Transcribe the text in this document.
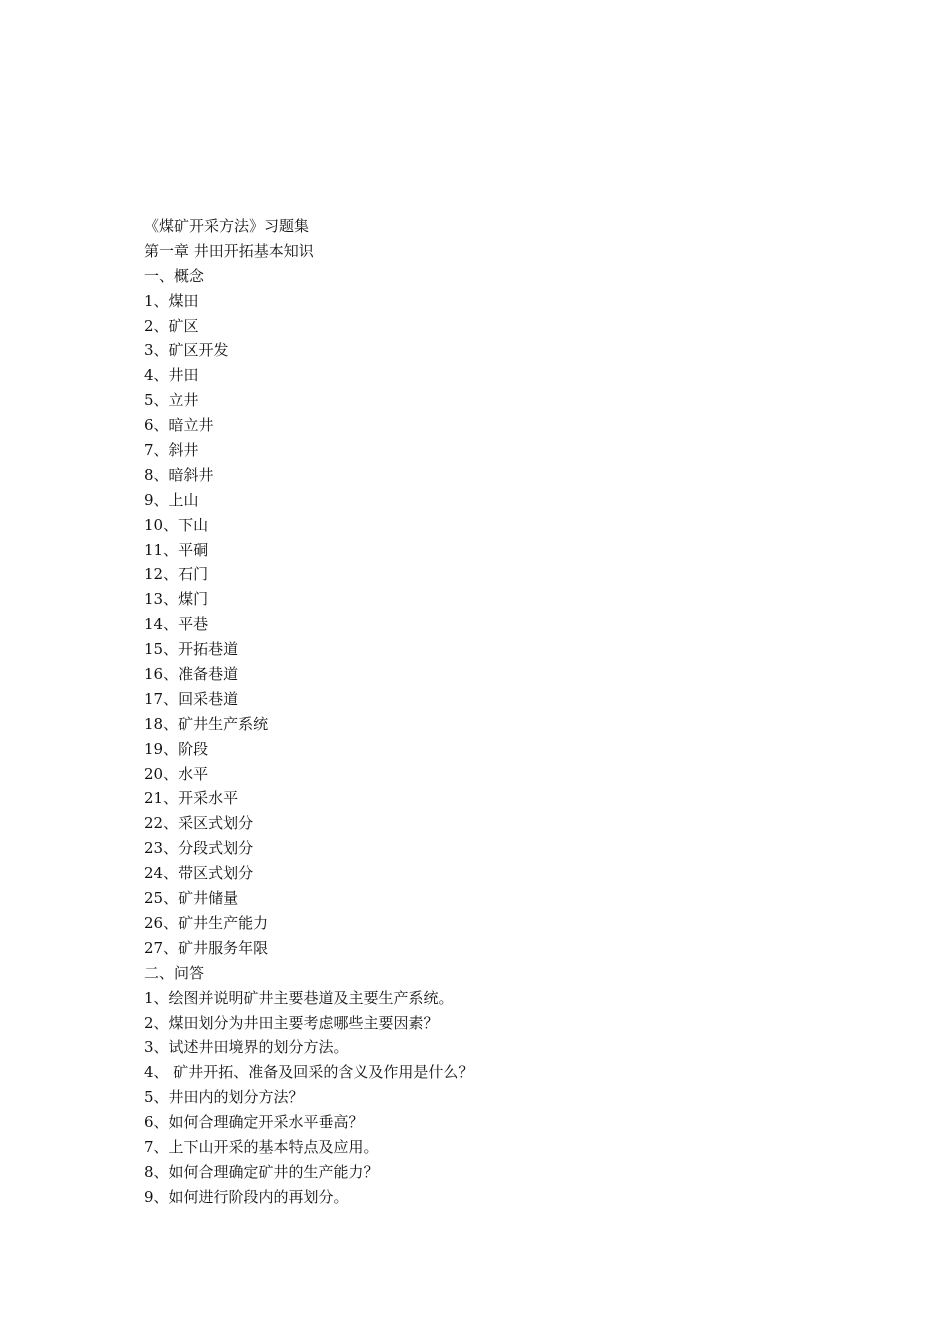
《煤矿开采方法》习题集

第一章 井田开拓基本知识

一、概念

1、煤田

2、矿区

3、矿区开发

4、井田

5、立井

6、暗立井

7、斜井

8、暗斜井

9、上山

10、下山

11、平硐

12、石门

13、煤门

14、平巷

15、开拓巷道

16、准备巷道

17、回采巷道

18、矿井生产系统

19、阶段

20、水平

21、开采水平

22、采区式划分

23、分段式划分

24、带区式划分

25、矿井储量

26、矿井生产能力

27、矿井服务年限

二、问答

1、绘图并说明矿井主要巷道及主要生产系统。

2、煤田划分为井田主要考虑哪些主要因素？

3、试述井田境界的划分方法。

4、 矿井开拓、准备及回采的含义及作用是什么？

5、井田内的划分方法？

6、如何合理确定开采水平垂高？

7、上下山开采的基本特点及应用。

8、如何合理确定矿井的生产能力？

9、如何进行阶段内的再划分。
